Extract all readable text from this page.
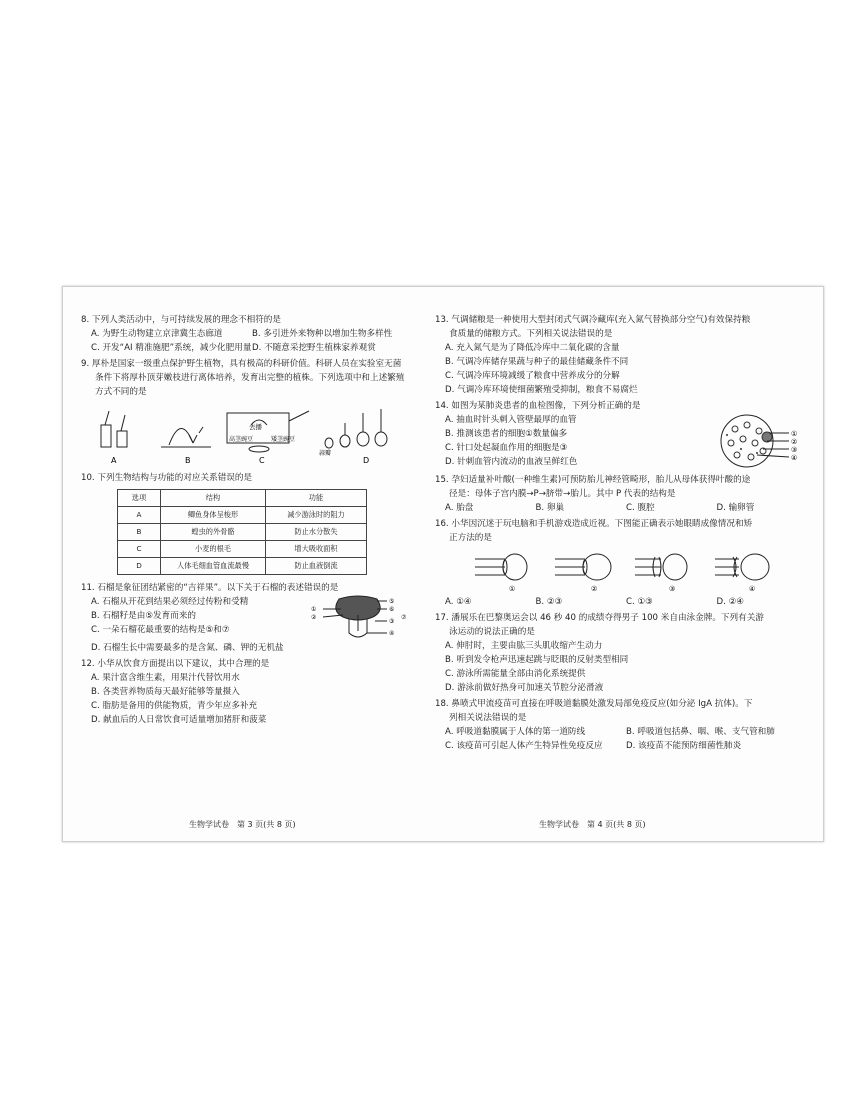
8. 下列人类活动中，与可持续发展的理念不相符的是
A. 为野生动物建立京津冀生态廊道	B. 多引进外来物种以增加生物多样性
C. 开发“AI 精准施肥”系统，减少化肥用量 D. 不随意采挖野生植株家养观赏
9. 厚朴是国家一级重点保护野生植物，具有极高的科研价值。科研人员在实验室无菌
条件下将厚朴顶芽嫩枝进行离体培养，发育出完整的植株。下列选项中和上述繁殖
方式不同的是
A	B
去播
高茎豌豆	矮茎豌豆
C
蒜瓣
D
10. 下列生物结构与功能的对应关系错误的是
选项	结构	功能
A	鲫鱼身体呈梭形	减少游泳时的阻力
B	蝗虫的外骨骼	防止水分散失
C	小麦的根毛	增大吸收面积
D	人体毛细血管血流最慢	防止血液倒流
11. 石榴是象征团结紧密的“吉祥果”。以下关于石榴的表述错误的是
A. 石榴从开花到结果必须经过传粉和受精
B. 石榴籽是由⑤发育而来的
C. 一朵石榴花最重要的结构是⑤和⑦
⑤
⑥
③
④
①
②	⑦
D. 石榴生长中需要最多的是含氮、磷、钾的无机盐
12. 小华从饮食方面提出以下建议，其中合理的是
A. 果汁富含维生素，用果汁代替饮用水
B. 各类营养物质每天最好能够等量摄入
C. 脂肪是备用的供能物质，青少年应多补充
D. 献血后的人日常饮食可适量增加猪肝和菠菜
生物学试卷　第 3 页(共 8 页)
13. 气调储粮是一种使用大型封闭式气调冷藏库(充入氮气替换部分空气)有效保持粮
食质量的储粮方式。下列相关说法错误的是
A. 充入氮气是为了降低冷库中二氧化碳的含量
B. 气调冷库储存果蔬与种子的最佳储藏条件不同
C. 气调冷库环境减缓了粮食中营养成分的分解
D. 气调冷库环境使细菌繁殖受抑制，粮食不易腐烂
14. 如图为某肺炎患者的血检图像，下列分析正确的是
A. 抽血时针头刺入管壁最厚的血管
B. 推测该患者的细胞①数量偏多
C. 针口处起凝血作用的细胞是③
D. 针刺血管内流动的血液呈鲜红色
①
②
③
④
15. 孕妇适量补叶酸(一种维生素)可预防胎儿神经管畸形，胎儿从母体获得叶酸的途
径是：母体子宫内膜→P→脐带→胎儿。其中 P 代表的结构是
A. 胎盘	B. 卵巢	C. 腹腔	D. 输卵管
16. 小华因沉迷于玩电脑和手机游戏造成近视。下图能正确表示她眼睛成像情况和矫
正方法的是
①	②	③	④
A. ①④	B. ②③	C. ①③	D. ②④
17. 潘展乐在巴黎奥运会以 46 秒 40 的成绩夺得男子 100 米自由泳金牌。下列有关游
泳运动的说法正确的是
A. 伸肘时，主要由肱三头肌收缩产生动力
B. 听到发令枪声迅速起跳与眨眼的反射类型相同
C. 游泳所需能量全部由消化系统提供
D. 游泳前做好热身可加速关节腔分泌滑液
18. 鼻喷式甲流疫苗可直接在呼吸道黏膜处激发局部免疫反应(如分泌 IgA 抗体)。下
列相关说法错误的是
A. 呼吸道黏膜属于人体的第一道防线	B. 呼吸道包括鼻、咽、喉、支气管和肺
C. 该疫苗可引起人体产生特异性免疫反应	D. 该疫苗不能预防细菌性肺炎
生物学试卷　第 4 页(共 8 页)
